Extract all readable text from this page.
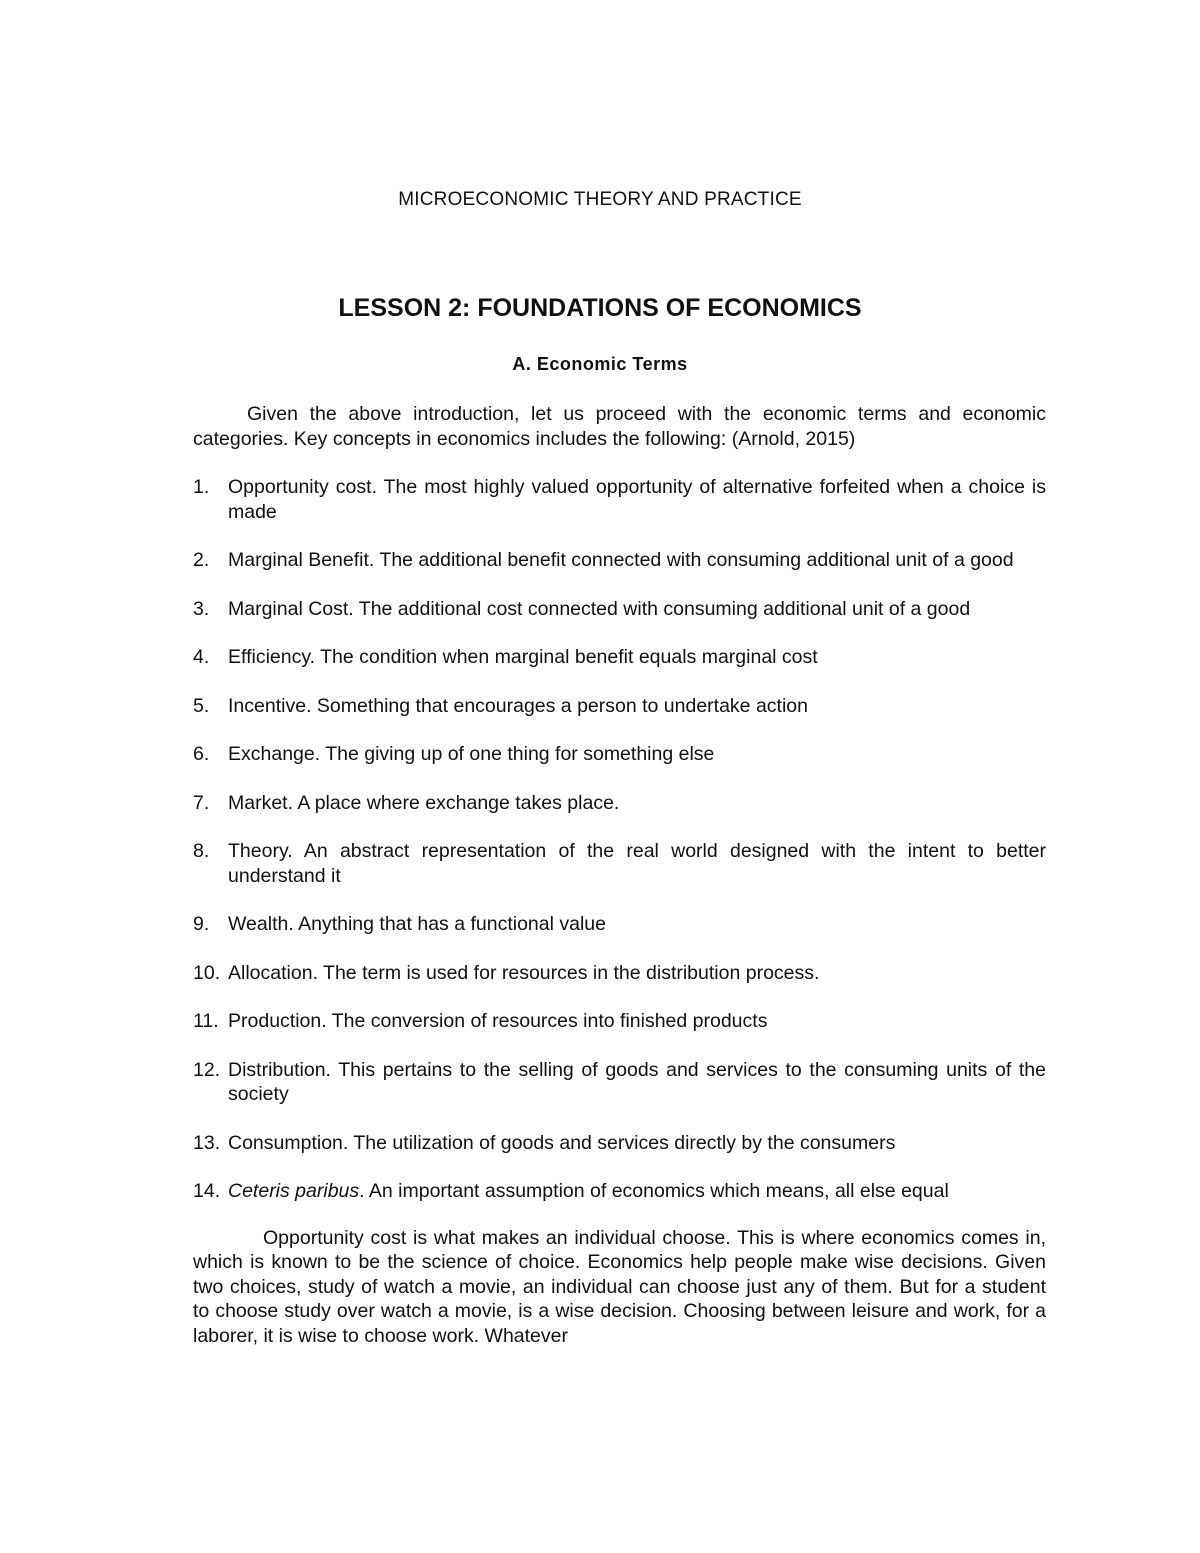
MICROECONOMIC THEORY AND PRACTICE
LESSON 2: FOUNDATIONS OF ECONOMICS
A. Economic Terms

Given the above introduction, let us proceed with the economic terms and economic categories. Key concepts in economics includes the following: (Arnold, 2015)

1. Opportunity cost. The most highly valued opportunity of alternative forfeited when a choice is made
2. Marginal Benefit. The additional benefit connected with consuming additional unit of a good
3. Marginal Cost. The additional cost connected with consuming additional unit of a good
4. Efficiency. The condition when marginal benefit equals marginal cost
5. Incentive. Something that encourages a person to undertake action
6. Exchange. The giving up of one thing for something else
7. Market. A place where exchange takes place.
8. Theory. An abstract representation of the real world designed with the intent to better understand it
9. Wealth. Anything that has a functional value
10. Allocation. The term is used for resources in the distribution process.
11. Production. The conversion of resources into finished products
12. Distribution. This pertains to the selling of goods and services to the consuming units of the society
13. Consumption. The utilization of goods and services directly by the consumers
14. Ceteris paribus. An important assumption of economics which means, all else equal

Opportunity cost is what makes an individual choose. This is where economics comes in, which is known to be the science of choice. Economics help people make wise decisions. Given two choices, study of watch a movie, an individual can choose just any of them. But for a student to choose study over watch a movie, is a wise decision. Choosing between leisure and work, for a laborer, it is wise to choose work. Whatever
